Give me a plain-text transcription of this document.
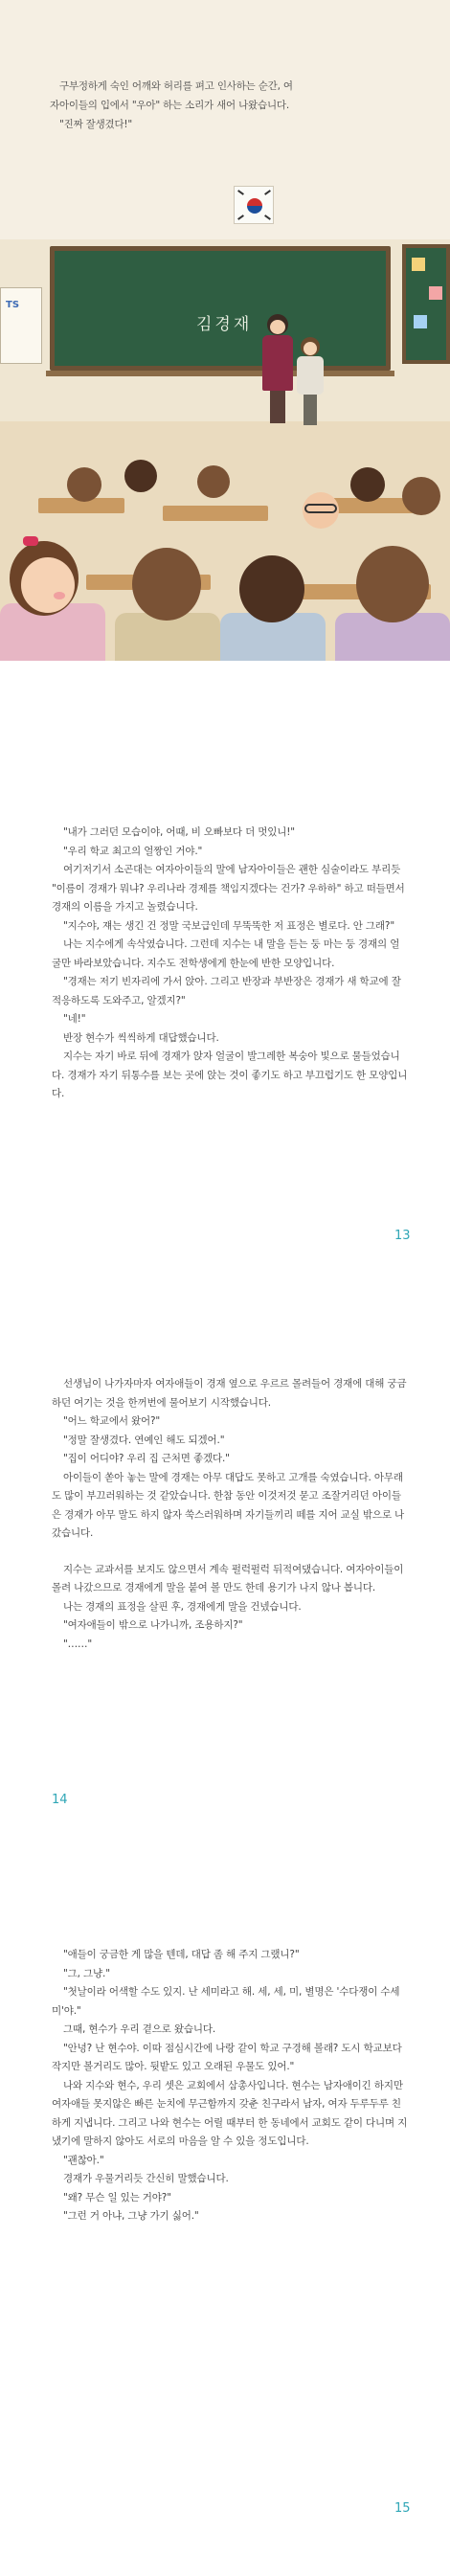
구부정하게 숙인 어깨와 허리를 펴고 인사하는 순간, 여

자아이들의 입에서 "우아" 하는 소리가 새어 나왔습니다.

"진짜 잘생겼다!"

TS
김경재

"내가 그러던 모습이야, 어때, 비 오빠보다 더 멋있니!"

"우리 학교 최고의 얼짱인 거야."

여기저기서 소곤대는 여자아이들의 말에 남자아이들은 괜한 심술이라도 부리듯 "이름이 경재가 뭐냐? 우리나라 경제를 책임지겠다는 건가? 우하하" 하고 떠들면서 경재의 이름을 가지고 놀렸습니다.

"지수야, 쟤는 생긴 건 정말 국보급인데 무뚝뚝한 저 표정은 별로다. 안 그래?"

나는 지수에게 속삭였습니다. 그런데 지수는 내 말을 듣는 둥 마는 둥 경재의 얼굴만 바라보았습니다. 지수도 전학생에게 한눈에 반한 모양입니다.

"경재는 저기 빈자리에 가서 앉아. 그리고 반장과 부반장은 경재가 새 학교에 잘 적응하도록 도와주고, 알겠지?"

"네!"

반장 현수가 씩씩하게 대답했습니다.

지수는 자기 바로 뒤에 경재가 앉자 얼굴이 발그레한 복숭아 빛으로 물들었습니다. 경재가 자기 뒤통수를 보는 곳에 앉는 것이 좋기도 하고 부끄럽기도 한 모양입니다.

13

선생님이 나가자마자 여자애들이 경재 옆으로 우르르 몰려들어 경재에 대해 궁금하던 여기는 것을 한꺼번에 물어보기 시작했습니다.

"어느 학교에서 왔어?"

"정말 잘생겼다. 연예인 해도 되겠어."

"집이 어디야? 우리 집 근처면 좋겠다."

아이들이 쏟아 놓는 말에 경재는 아무 대답도 못하고 고개를 숙였습니다. 아무래도 많이 부끄러워하는 것 같았습니다. 한참 동안 이것저것 묻고 조잘거리던 아이들은 경재가 아무 말도 하지 않자 쑥스러워하며 자기들끼리 떼를 지어 교실 밖으로 나갔습니다.

지수는 교과서를 보지도 않으면서 계속 펄럭펄럭 뒤적여댔습니다. 여자아이들이 몰려 나갔으므로 경재에게 말을 붙여 볼 만도 한데 용기가 나지 않나 봅니다.

나는 경재의 표정을 살핀 후, 경재에게 말을 건넸습니다.

"여자애들이 밖으로 나가니까, 조용하지?"

"……"

14

"애들이 궁금한 게 많을 텐데, 대답 좀 해 주지 그랬니?"

"그, 그냥."

"첫날이라 어색할 수도 있지. 난 세미라고 해. 세, 세, 미, 별명은 '수다쟁이 수세미'야."

그때, 현수가 우리 곁으로 왔습니다.

"안녕? 난 현수야. 이따 점심시간에 나랑 같이 학교 구경해 볼래? 도시 학교보다 작지만 볼거리도 많아. 뒷밭도 있고 오래된 우물도 있어."

나와 지수와 현수, 우리 셋은 교회에서 삼총사입니다. 현수는 남자애이긴 하지만 여자애들 못지않은 빠른 눈치에 무근함까지 갖춘 친구라서 남자, 여자 두루두루 친하게 지냅니다. 그리고 나와 현수는 어릴 때부터 한 동네에서 교회도 같이 다니며 지냈기에 말하지 않아도 서로의 마음을 알 수 있을 정도입니다.

"괜찮아."

경재가 우물거리듯 간신히 말했습니다.

"왜? 무슨 일 있는 거야?"

"그런 거 아냐, 그냥 가기 싫어."

15
